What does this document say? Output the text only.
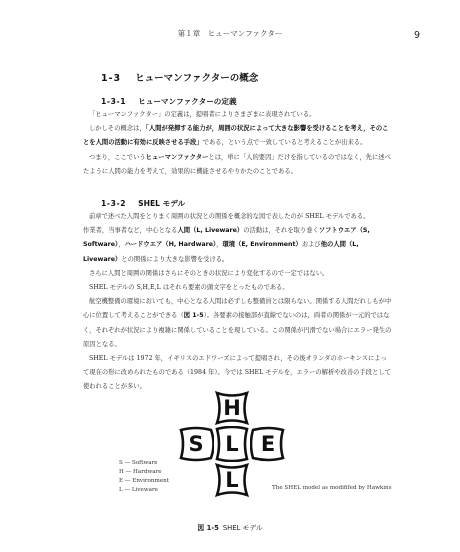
第１章　ヒューマンファクター	9
1-3 ヒューマンファクターの概念
1-3-1 ヒューマンファクターの定義

「ヒューマンファクター」の定義は，提唱者によりさまざまに表現されている。

しかしその概念は，「人間が発揮する能力が，周囲の状況によって大きな影響を受けることを考え，そのことを人間の活動に有効に反映させる手段」である，という点で一致していると考えることが出来る。

つまり，ここでいうヒューマンファクターとは，単に「人的要因」だけを指しているのではなく，先に述べたように人間の能力を考えて，効果的に機能させるやりかたのことである。

1-3-2 SHEL モデル

前章で述べた人間をとりまく周囲の状況との関係を概念的な図で表したのが SHEL モデルである。

作業者，当事者など，中心となる人間（L, Liveware）の活動は，それを取り巻くソフトウエア（S, Software），ハードウエア（H, Hardware），環境（E, Environment）および他の人間（L, Liveware）との関係により大きな影響を受ける。

さらに人間と周囲の関係はさらにそのときの状況により変化するので一定ではない。

SHEL モデルの S,H,E,L はそれら要素の頭文字をとったものである。

航空機整備の環境においても，中心となる人間は必ずしも整備員とは限らない。関係する人間だれしもが中心に位置して考えることができる（図 1-5）。各要素の接触部が直線でないのは，両者の関係が一元的ではなく，それぞれが状況により複雑に関係していることを現している。この関係が円滑でない場合にエラー発生の原因となる。

SHEL モデルは 1972 年，イギリスのエドワーズによって提唱され，その後オランダのホーキンスによって現在の形に改められたものである（1984 年）。今では SHEL モデルを，エラーの解析や改善の手段として使われることが多い。

H
S L E
L
S ― Software
H ― Hardware
E ― Environment
L ― Liveware	The SHEL model as modififed by Hawkins
図 1-5 SHEL モデル
